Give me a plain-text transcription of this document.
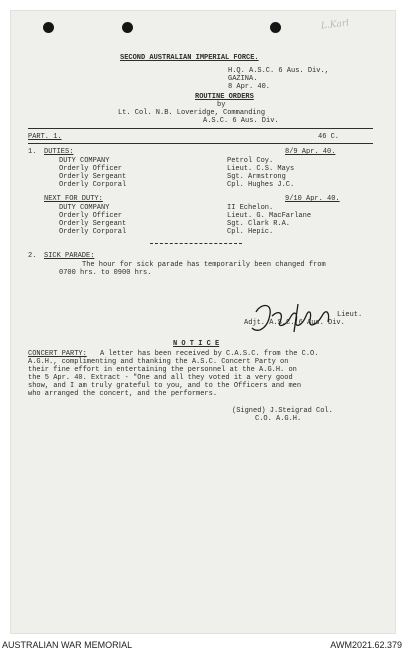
L.Karl
SECOND AUSTRALIAN IMPERIAL FORCE.
H.Q. A.S.C. 6 Aus. Div.,
GAZINA.
8 Apr. 40.
ROUTINE ORDERS
by
Lt. Col. N.B. Loveridge, Commanding
A.S.C. 6 Aus. Div.
PART. 1.	46 C.
1. DUTIES:	8/9 Apr. 40.
DUTY COMPANY	Petrol Coy.
Orderly Officer	Lieut. C.S. Mays
Orderly Sergeant	Sgt. Armstrong
Orderly Corporal	Cpl. Hughes J.C.
NEXT FOR DUTY:	9/10 Apr. 40.
DUTY COMPANY	II Echelon.
Orderly Officer	Lieut. G. MacFarlane
Orderly Sergeant	Sgt. Clark R.A.
Orderly Corporal	Cpl. Hepic.
2. SICK PARADE:
The hour for sick parade has temporarily been changed from
0700 hrs. to 0900 hrs.
Lieut.
Adjt. A.S.C. 6 Aus. Div.
N O T I C E
CONCERT PARTY: A letter has been received by C.A.S.C. from the C.O.
A.G.H., complimenting and thanking the A.S.C. Concert Party on
their fine effort in entertaining the personnel at the A.G.H. on
the 5 Apr. 40. Extract - "One and all they voted it a very good
show, and I am truly grateful to you, and to the Officers and men
who arranged the concert, and the performers.
(Signed) J.Steigrad Col.
C.O. A.G.H.
AUSTRALIAN WAR MEMORIAL	AWM2021.62.379
